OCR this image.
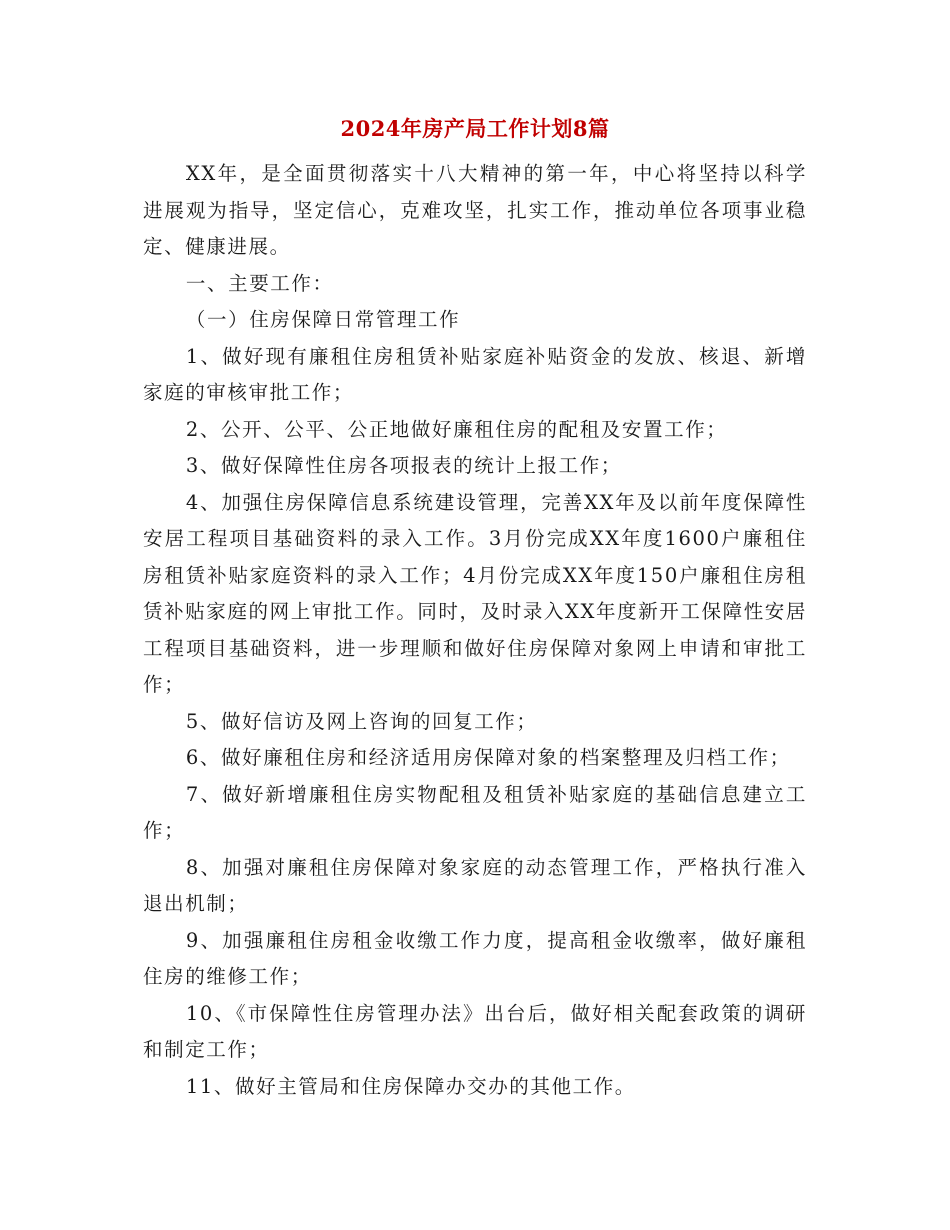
2024年房产局工作计划8篇

XX年，是全面贯彻落实十八大精神的第一年，中心将坚持以科学进展观为指导，坚定信心，克难攻坚，扎实工作，推动单位各项事业稳定、健康进展。

一、主要工作：

（一）住房保障日常管理工作

1、做好现有廉租住房租赁补贴家庭补贴资金的发放、核退、新增家庭的审核审批工作；

2、公开、公平、公正地做好廉租住房的配租及安置工作；

3、做好保障性住房各项报表的统计上报工作；

4、加强住房保障信息系统建设管理，完善XX年及以前年度保障性安居工程项目基础资料的录入工作。3月份完成XX年度1600户廉租住房租赁补贴家庭资料的录入工作；4月份完成XX年度150户廉租住房租赁补贴家庭的网上审批工作。同时，及时录入XX年度新开工保障性安居工程项目基础资料，进一步理顺和做好住房保障对象网上申请和审批工作；

5、做好信访及网上咨询的回复工作；

6、做好廉租住房和经济适用房保障对象的档案整理及归档工作；

7、做好新增廉租住房实物配租及租赁补贴家庭的基础信息建立工作；

8、加强对廉租住房保障对象家庭的动态管理工作，严格执行准入退出机制；

9、加强廉租住房租金收缴工作力度，提高租金收缴率，做好廉租住房的维修工作；

10、《市保障性住房管理办法》出台后，做好相关配套政策的调研和制定工作；

11、做好主管局和住房保障办交办的其他工作。
